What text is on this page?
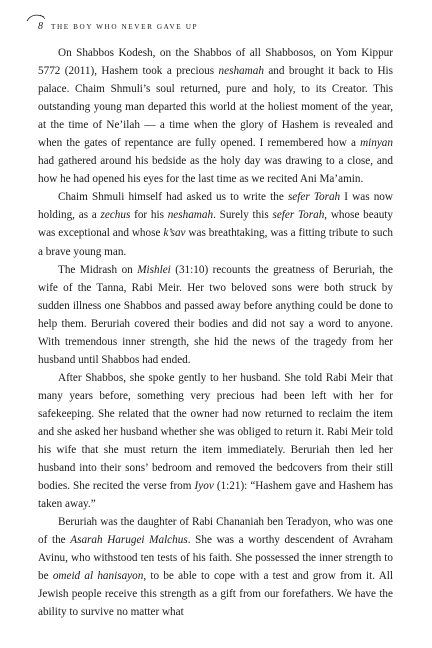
8 THE BOY WHO NEVER GAVE UP

On Shabbos Kodesh, on the Shabbos of all Shabbosos, on Yom Kippur 5772 (2011), Hashem took a precious neshamah and brought it back to His palace. Chaim Shmuli’s soul returned, pure and holy, to its Creator. This outstanding young man departed this world at the holiest moment of the year, at the time of Ne’ilah — a time when the glory of Hashem is revealed and when the gates of repentance are fully opened. I remembered how a minyan had gathered around his bedside as the holy day was drawing to a close, and how he had opened his eyes for the last time as we recited Ani Ma’amin.

Chaim Shmuli himself had asked us to write the sefer Torah I was now holding, as a zechus for his neshamah. Surely this sefer Torah, whose beauty was exceptional and whose k’sav was breathtaking, was a fitting tribute to such a brave young man.

The Midrash on Mishlei (31:10) recounts the greatness of Beruriah, the wife of the Tanna, Rabi Meir. Her two beloved sons were both struck by sudden illness one Shabbos and passed away before anything could be done to help them. Beruriah covered their bodies and did not say a word to anyone. With tremendous inner strength, she hid the news of the tragedy from her husband until Shabbos had ended.

After Shabbos, she spoke gently to her husband. She told Rabi Meir that many years before, something very precious had been left with her for safekeeping. She related that the owner had now returned to reclaim the item and she asked her husband whether she was obliged to return it. Rabi Meir told his wife that she must return the item immediately. Beruriah then led her husband into their sons’ bedroom and removed the bedcovers from their still bodies. She recited the verse from Iyov (1:21): “Hashem gave and Hashem has taken away.”

Beruriah was the daughter of Rabi Chananiah ben Teradyon, who was one of the Asarah Harugei Malchus. She was a worthy descendent of Avraham Avinu, who withstood ten tests of his faith. She possessed the inner strength to be omeid al hanisayon, to be able to cope with a test and grow from it. All Jewish people receive this strength as a gift from our forefathers. We have the ability to survive no matter what
